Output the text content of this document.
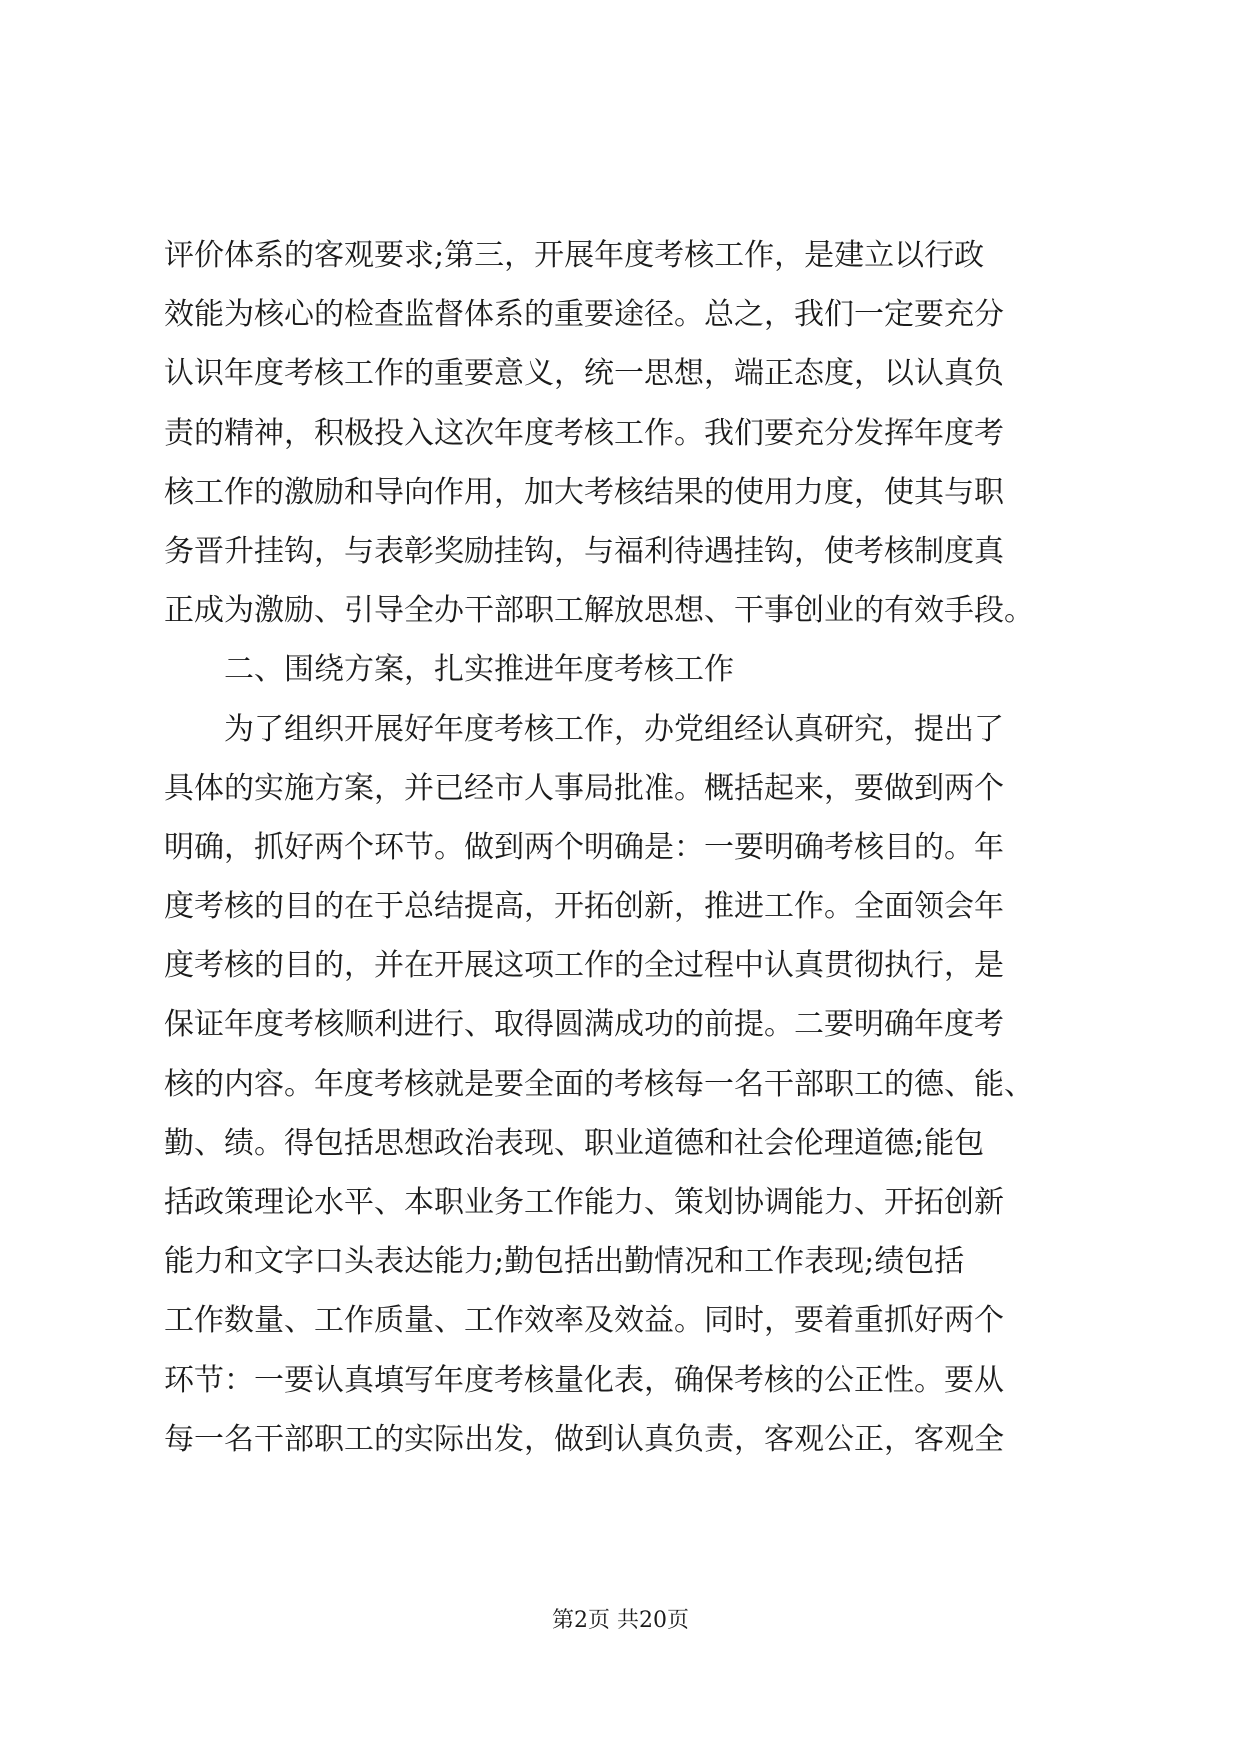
评价体系的客观要求;第三，开展年度考核工作，是建立以行政

效能为核心的检查监督体系的重要途径。总之，我们一定要充分

认识年度考核工作的重要意义，统一思想，端正态度，以认真负

责的精神，积极投入这次年度考核工作。我们要充分发挥年度考

核工作的激励和导向作用，加大考核结果的使用力度，使其与职

务晋升挂钩，与表彰奖励挂钩，与福利待遇挂钩，使考核制度真

正成为激励、引导全办干部职工解放思想、干事创业的有效手段。

　　二、围绕方案，扎实推进年度考核工作

　　为了组织开展好年度考核工作，办党组经认真研究，提出了

具体的实施方案，并已经市人事局批准。概括起来，要做到两个

明确，抓好两个环节。做到两个明确是：一要明确考核目的。年

度考核的目的在于总结提高，开拓创新，推进工作。全面领会年

度考核的目的，并在开展这项工作的全过程中认真贯彻执行，是

保证年度考核顺利进行、取得圆满成功的前提。二要明确年度考

核的内容。年度考核就是要全面的考核每一名干部职工的德、能、

勤、绩。得包括思想政治表现、职业道德和社会伦理道德;能包

括政策理论水平、本职业务工作能力、策划协调能力、开拓创新

能力和文字口头表达能力;勤包括出勤情况和工作表现;绩包括

工作数量、工作质量、工作效率及效益。同时，要着重抓好两个

环节：一要认真填写年度考核量化表，确保考核的公正性。要从

每一名干部职工的实际出发，做到认真负责，客观公正，客观全

第2页 共20页
